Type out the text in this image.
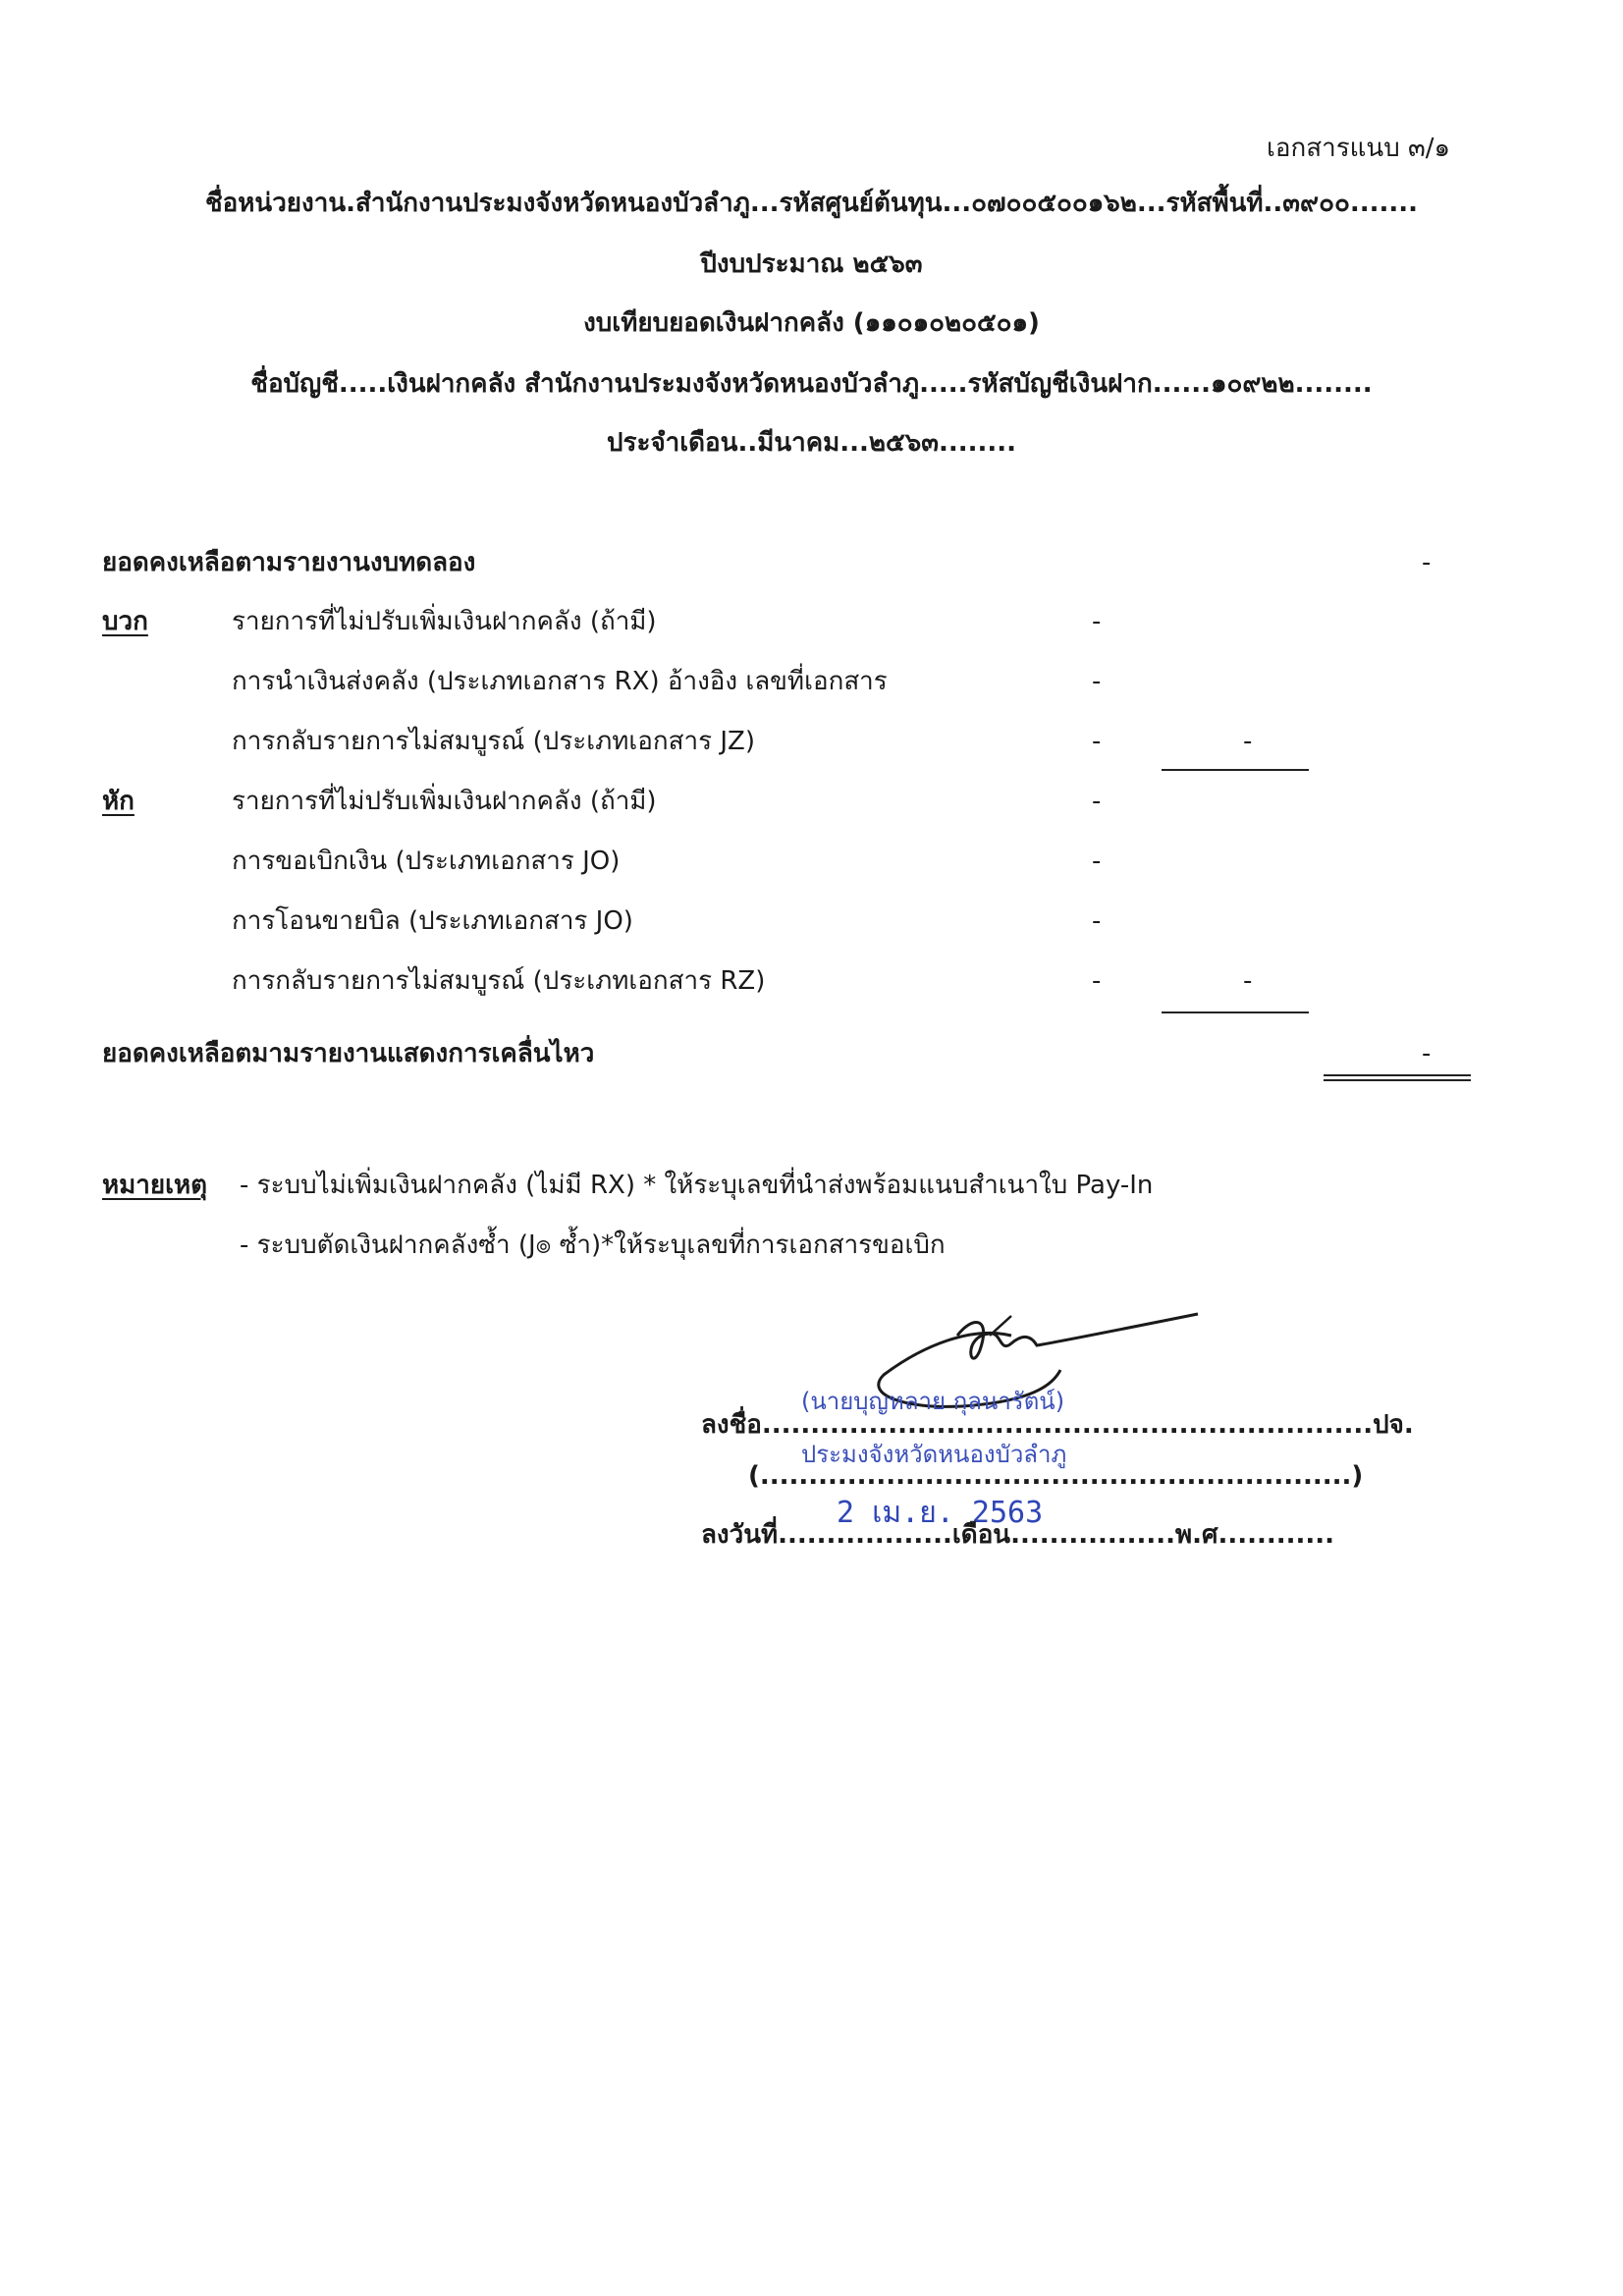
เอกสารแนบ ๓/๑
ชื่อหน่วยงาน.สำนักงานประมงจังหวัดหนองบัวลำภู...รหัสศูนย์ต้นทุน...๐๗๐๐๕๐๐๑๖๒...รหัสพื้นที่..๓๙๐๐.......
ปีงบประมาณ ๒๕๖๓
งบเทียบยอดเงินฝากคลัง (๑๑๐๑๐๒๐๕๐๑)
ชื่อบัญชี.....เงินฝากคลัง สำนักงานประมงจังหวัดหนองบัวลำภู.....รหัสบัญชีเงินฝาก......๑๐๙๒๒........
ประจำเดือน..มีนาคม...๒๕๖๓........
ยอดคงเหลือตามรายงานงบทดลอง	-
บวก	รายการที่ไม่ปรับเพิ่มเงินฝากคลัง (ถ้ามี)	-
การนำเงินส่งคลัง (ประเภทเอกสาร RX) อ้างอิง เลขที่เอกสาร	-
การกลับรายการไม่สมบูรณ์ (ประเภทเอกสาร JZ)	-	-
หัก	รายการที่ไม่ปรับเพิ่มเงินฝากคลัง (ถ้ามี)	-
การขอเบิกเงิน (ประเภทเอกสาร JO)	-
การโอนขายบิล (ประเภทเอกสาร JO)	-
การกลับรายการไม่สมบูรณ์ (ประเภทเอกสาร RZ)	-	-
ยอดคงเหลือตมามรายงานแสดงการเคลื่นไหว	-
หมายเหตุ - ระบบไม่เพิ่มเงินฝากคลัง (ไม่มี RX) * ให้ระบุเลขที่นำส่งพร้อมแนบสำเนาใบ Pay-In
- ระบบตัดเงินฝากคลังซ้ำ (J๏ ซ้ำ)*ให้ระบุเลขที่การเอกสารขอเบิก
(นายบุญหลาย กุลนารัตน์)
ลงชื่อ...............................................................ปจ.
ประมงจังหวัดหนองบัวลำภู
(.............................................................)
2 เม.ย. 2563
ลงวันที่..................เดือน.................พ.ศ............
